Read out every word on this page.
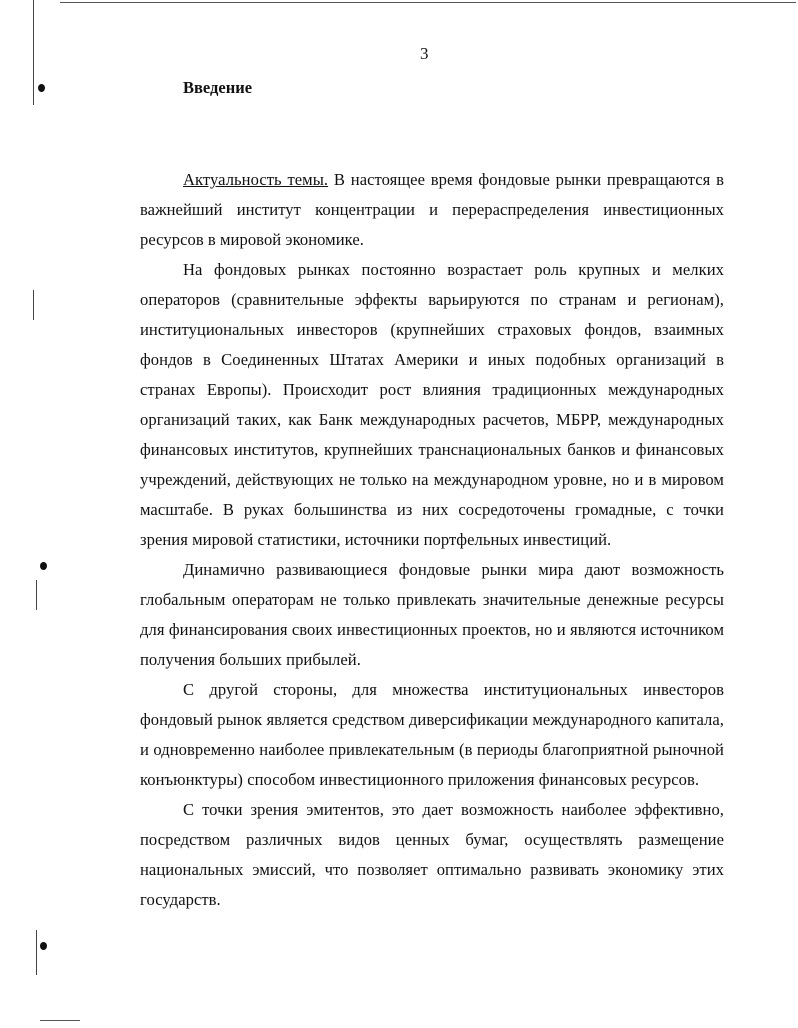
3
Введение

Актуальность темы. В настоящее время фондовые рынки превращаются в важнейший институт концентрации и перераспределения инвестиционных ресурсов в мировой экономике.

На фондовых рынках постоянно возрастает роль крупных и мелких операторов (сравнительные эффекты варьируются по странам и регионам), институциональных инвесторов (крупнейших страховых фондов, взаимных фондов в Соединенных Штатах Америки и иных подобных организаций в странах Европы). Происходит рост влияния традиционных международных организаций таких, как Банк международных расчетов, МБРР, международных финансовых институтов, крупнейших транснациональных банков и финансовых учреждений, действующих не только на международном уровне, но и в мировом масштабе. В руках большинства из них сосредоточены громадные, с точки зрения мировой статистики, источники портфельных инвестиций.

Динамично развивающиеся фондовые рынки мира дают возможность глобальным операторам не только привлекать значительные денежные ресурсы для финансирования своих инвестиционных проектов, но и являются источником получения больших прибылей.

С другой стороны, для множества институциональных инвесторов фондовый рынок является средством диверсификации международного капитала, и одновременно наиболее привлекательным (в периоды благоприятной рыночной конъюнктуры) способом инвестиционного приложения финансовых ресурсов.

С точки зрения эмитентов, это дает возможность наиболее эффективно, посредством различных видов ценных бумаг, осуществлять размещение национальных эмиссий, что позволяет оптимально развивать экономику этих государств.
